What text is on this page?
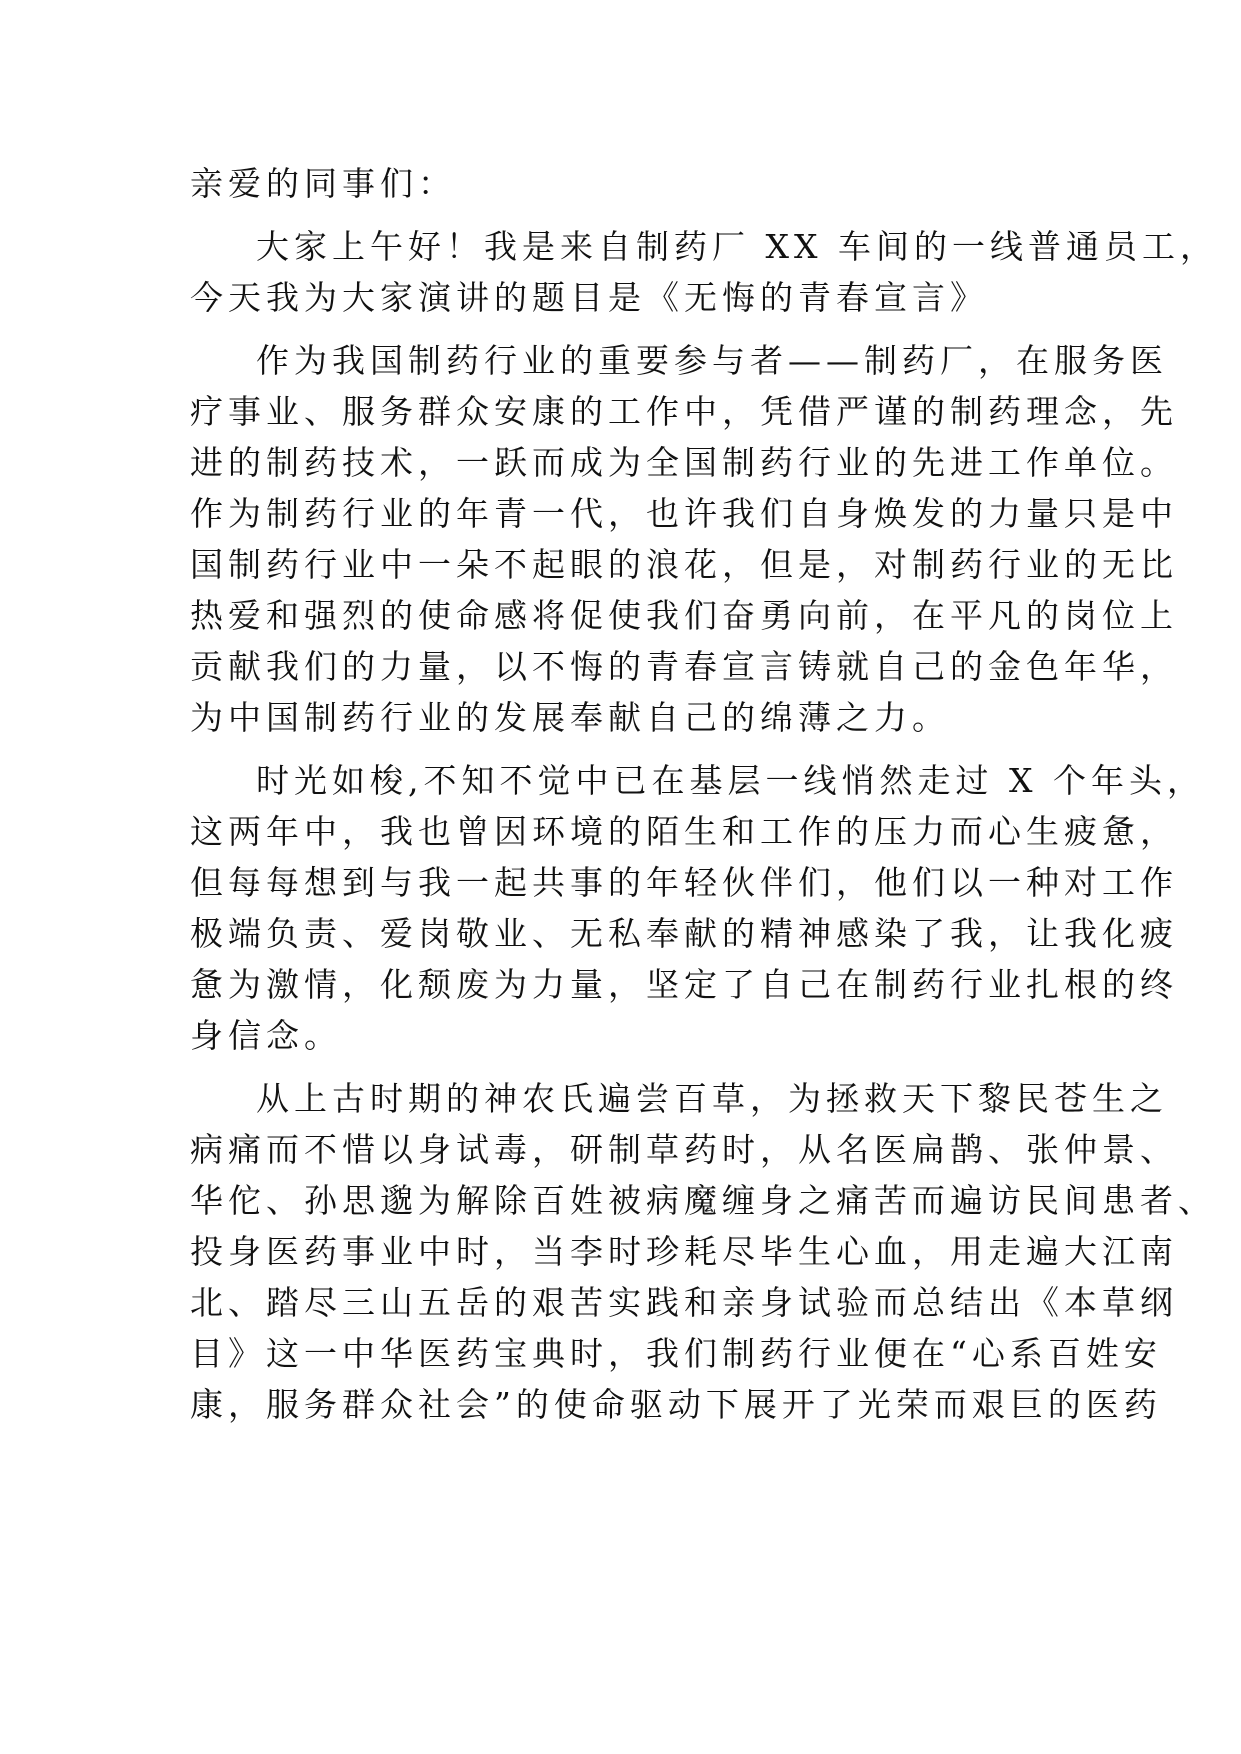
亲爱的同事们：
大家上午好！我是来自制药厂 XX 车间的一线普通员工，
今天我为大家演讲的题目是《无悔的青春宣言》
作为我国制药行业的重要参与者——制药厂，在服务医
疗事业、服务群众安康的工作中，凭借严谨的制药理念，先
进的制药技术，一跃而成为全国制药行业的先进工作单位。
作为制药行业的年青一代，也许我们自身焕发的力量只是中
国制药行业中一朵不起眼的浪花，但是，对制药行业的无比
热爱和强烈的使命感将促使我们奋勇向前，在平凡的岗位上
贡献我们的力量，以不悔的青春宣言铸就自己的金色年华，
为中国制药行业的发展奉献自己的绵薄之力。
时光如梭,不知不觉中已在基层一线悄然走过 X 个年头，
这两年中，我也曾因环境的陌生和工作的压力而心生疲惫，
但每每想到与我一起共事的年轻伙伴们，他们以一种对工作
极端负责、爱岗敬业、无私奉献的精神感染了我，让我化疲
惫为激情，化颓废为力量，坚定了自己在制药行业扎根的终
身信念。
从上古时期的神农氏遍尝百草，为拯救天下黎民苍生之
病痛而不惜以身试毒，研制草药时，从名医扁鹊、张仲景、
华佗、孙思邈为解除百姓被病魔缠身之痛苦而遍访民间患者、
投身医药事业中时，当李时珍耗尽毕生心血，用走遍大江南
北、踏尽三山五岳的艰苦实践和亲身试验而总结出《本草纲
目》这一中华医药宝典时，我们制药行业便在“心系百姓安
康，服务群众社会”的使命驱动下展开了光荣而艰巨的医药
